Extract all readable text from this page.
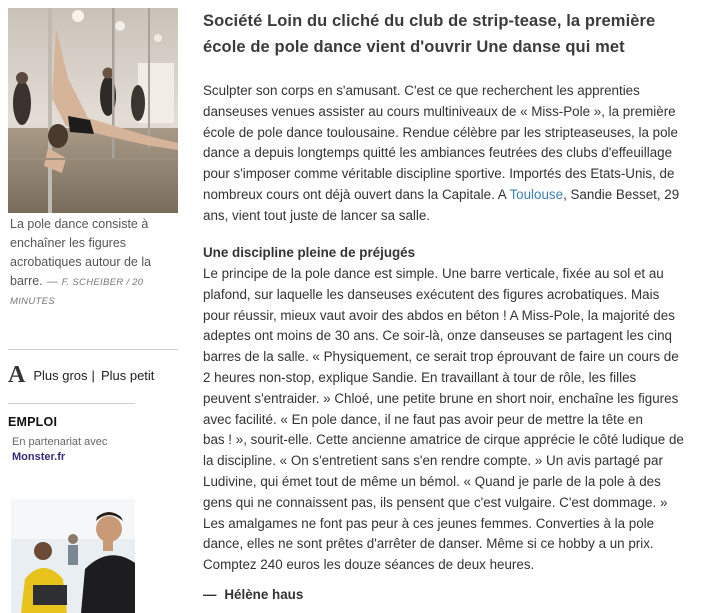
La pole dance consiste à
enchaîner les figures
acrobatiques autour de la
barre. — F. SCHEIBER / 20
MINUTES
A Plus gros | Plus petit
EMPLOI
En partenariat avec
Monster.fr
Société Loin du cliché du club de strip-tease, la première école de pole dance vient d'ouvrir Une danse qui met
Sculpter son corps en s'amusant. C'est ce que recherchent les apprenties
danseuses venues assister au cours multiniveaux de « Miss-Pole », la première
école de pole dance toulousaine. Rendue célèbre par les stripteaseuses, la pole
dance a depuis longtemps quitté les ambiances feutrées des clubs d'effeuillage
pour s'imposer comme véritable discipline sportive. Importés des Etats-Unis, de
nombreux cours ont déjà ouvert dans la Capitale. A Toulouse, Sandie Besset, 29
ans, vient tout juste de lancer sa salle.
Une discipline pleine de préjugés
Le principe de la pole dance est simple. Une barre verticale, fixée au sol et au
plafond, sur laquelle les danseuses exécutent des figures acrobatiques. Mais
pour réussir, mieux vaut avoir des abdos en béton ! A Miss-Pole, la majorité des
adeptes ont moins de 30 ans. Ce soir-là, onze danseuses se partagent les cinq
barres de la salle. « Physiquement, ce serait trop éprouvant de faire un cours de
2 heures non-stop, explique Sandie. En travaillant à tour de rôle, les filles
peuvent s'entraider. » Chloé, une petite brune en short noir, enchaîne les figures
avec facilité. « En pole dance, il ne faut pas avoir peur de mettre la tête en
bas ! », sourit-elle. Cette ancienne amatrice de cirque apprécie le côté ludique de
la discipline. « On s'entretient sans s'en rendre compte. » Un avis partagé par
Ludivine, qui émet tout de même un bémol. « Quand je parle de la pole à des
gens qui ne connaissent pas, ils pensent que c'est vulgaire. C'est dommage. »
Les amalgames ne font pas peur à ces jeunes femmes. Converties à la pole
dance, elles ne sont prêtes d'arrêter de danser. Même si ce hobby a un prix.
Comptez 240 euros les douze séances de deux heures.
— Hélène haus
